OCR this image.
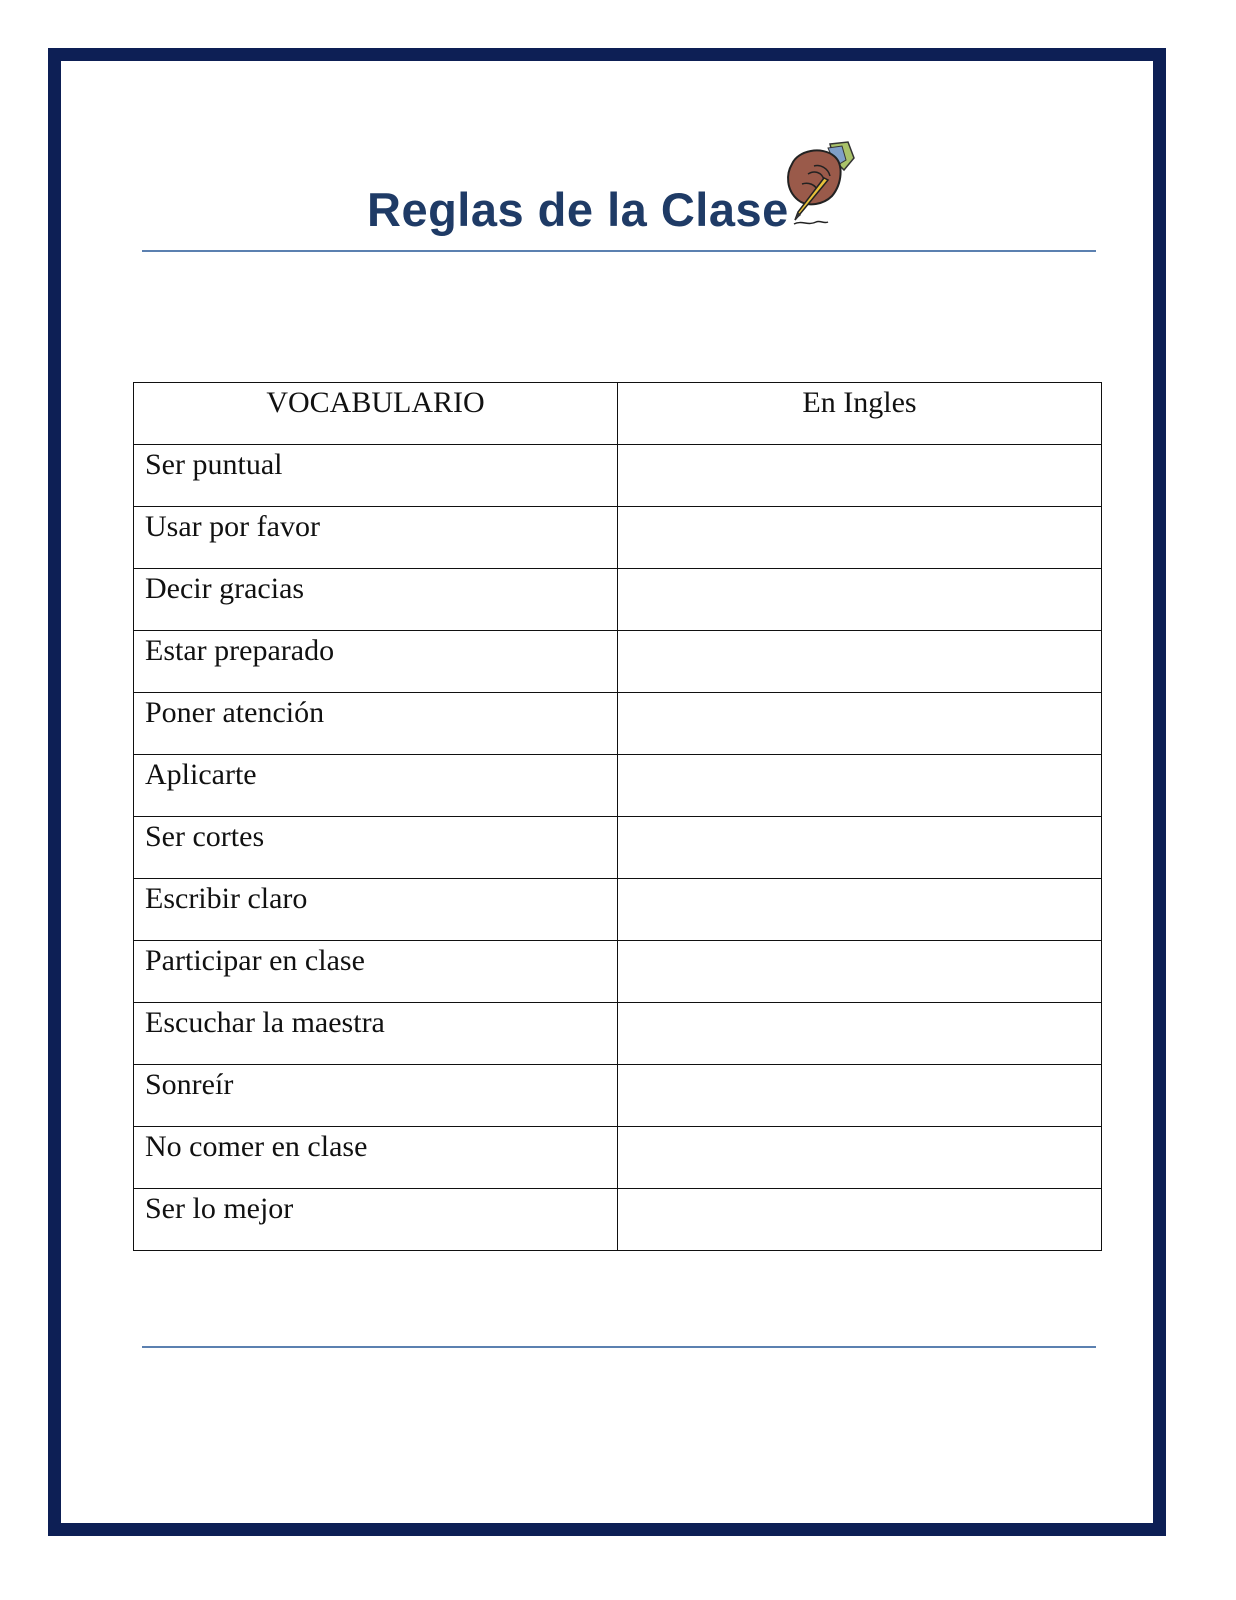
Reglas de la Clase
VOCABULARIO	En Ingles
Ser puntual	
Usar por favor	
Decir gracias	
Estar preparado	
Poner atención	
Aplicarte	
Ser cortes	
Escribir claro	
Participar en clase	
Escuchar la maestra	
Sonreír	
No comer en clase	
Ser lo mejor	
